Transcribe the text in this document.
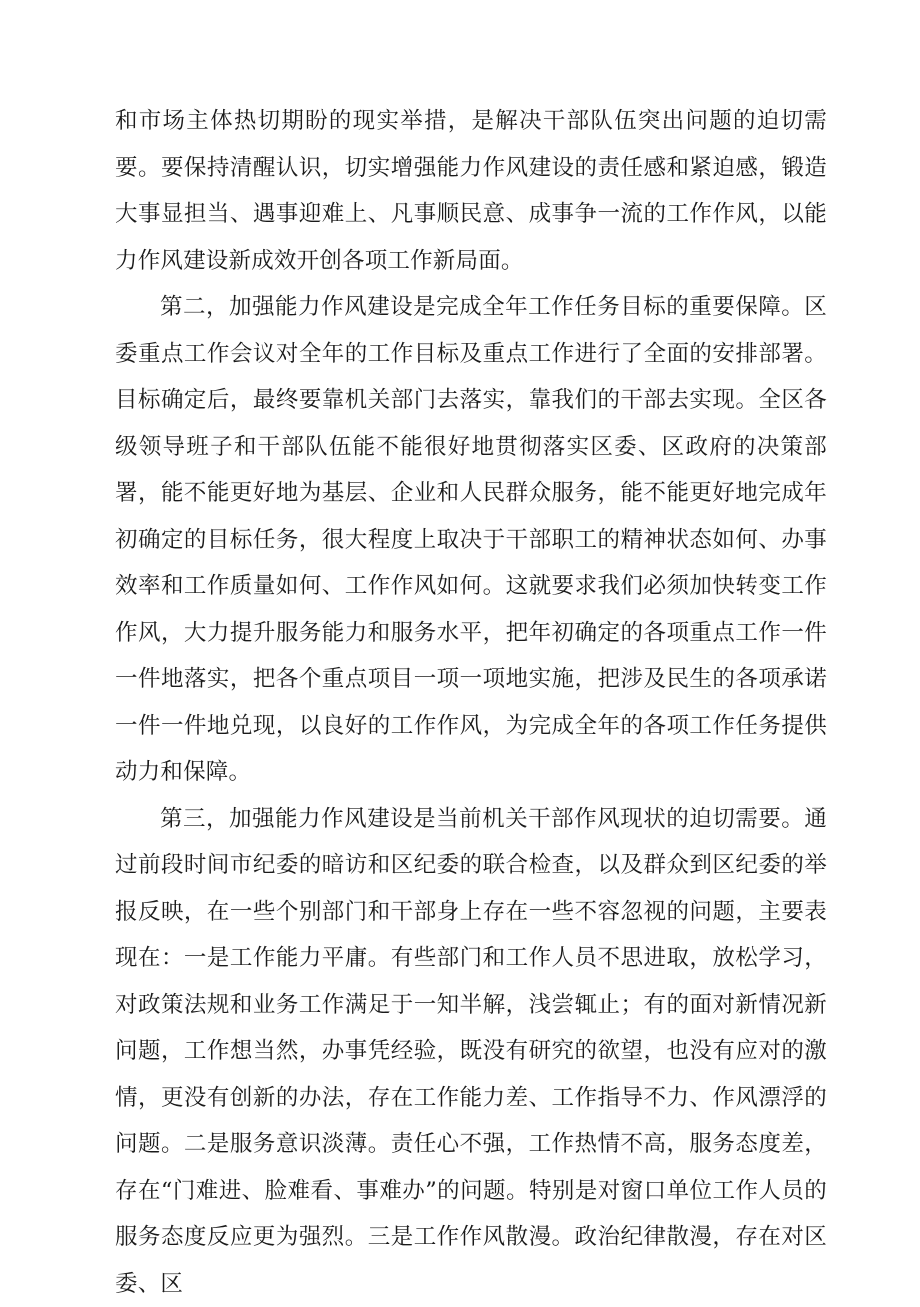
和市场主体热切期盼的现实举措，是解决干部队伍突出问题的迫切需要。要保持清醒认识，切实增强能力作风建设的责任感和紧迫感，锻造大事显担当、遇事迎难上、凡事顺民意、成事争一流的工作作风，以能力作风建设新成效开创各项工作新局面。

第二，加强能力作风建设是完成全年工作任务目标的重要保障。区委重点工作会议对全年的工作目标及重点工作进行了全面的安排部署。目标确定后，最终要靠机关部门去落实，靠我们的干部去实现。全区各级领导班子和干部队伍能不能很好地贯彻落实区委、区政府的决策部署，能不能更好地为基层、企业和人民群众服务，能不能更好地完成年初确定的目标任务，很大程度上取决于干部职工的精神状态如何、办事效率和工作质量如何、工作作风如何。这就要求我们必须加快转变工作作风，大力提升服务能力和服务水平，把年初确定的各项重点工作一件一件地落实，把各个重点项目一项一项地实施，把涉及民生的各项承诺一件一件地兑现，以良好的工作作风，为完成全年的各项工作任务提供动力和保障。

第三，加强能力作风建设是当前机关干部作风现状的迫切需要。通过前段时间市纪委的暗访和区纪委的联合检查，以及群众到区纪委的举报反映，在一些个别部门和干部身上存在一些不容忽视的问题，主要表现在：一是工作能力平庸。有些部门和工作人员不思进取，放松学习，对政策法规和业务工作满足于一知半解，浅尝辄止；有的面对新情况新问题，工作想当然，办事凭经验，既没有研究的欲望，也没有应对的激情，更没有创新的办法，存在工作能力差、工作指导不力、作风漂浮的问题。二是服务意识淡薄。责任心不强，工作热情不高，服务态度差，存在“门难进、脸难看、事难办”的问题。特别是对窗口单位工作人员的服务态度反应更为强烈。三是工作作风散漫。政治纪律散漫，存在对区委、区
